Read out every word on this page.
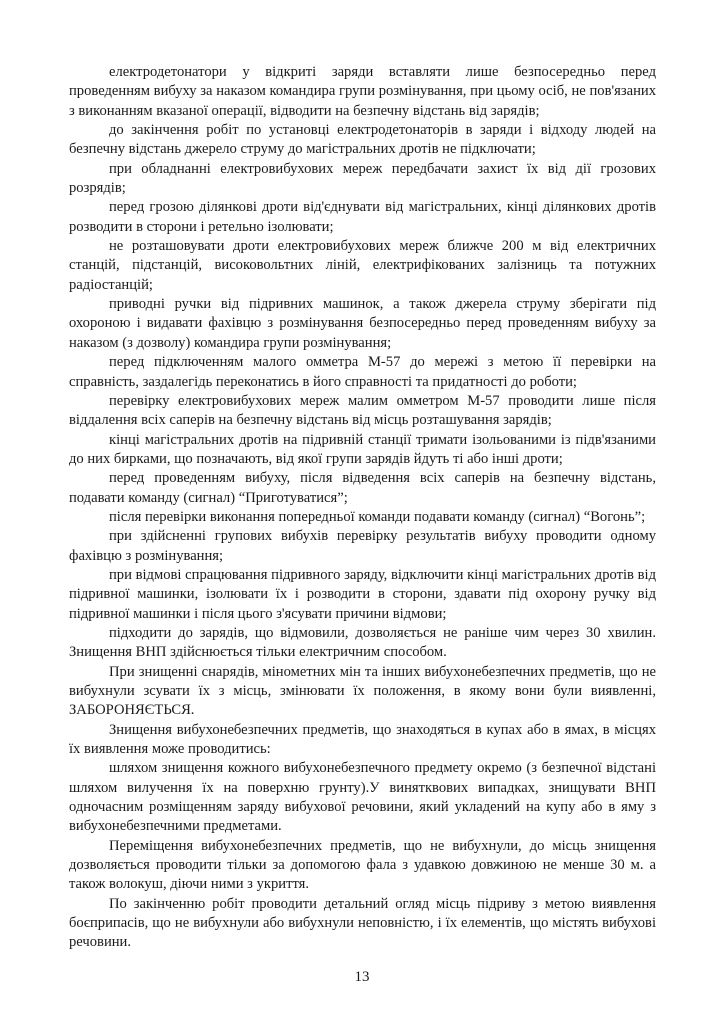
електродетонатори у відкриті заряди вставляти лише безпосередньо перед проведенням вибуху за наказом командира групи розмінування, при цьому осіб, не пов'язаних з виконанням вказаної операції, відводити на безпечну відстань від зарядів;

до закінчення робіт по установці електродетонаторів в заряди і відходу людей на безпечну відстань джерело струму до магістральних дротів не підключати;

при обладнанні електровибухових мереж передбачати захист їх від дії грозових розрядів;

перед грозою ділянкові дроти від'єднувати від магістральних, кінці ділянкових дротів розводити в сторони і ретельно ізолювати;

не розташовувати дроти електровибухових мереж ближче 200 м від електричних станцій, підстанцій, високовольтних ліній, електрифікованих залізниць та потужних радіостанцій;

приводні ручки від підривних машинок, а також джерела струму зберігати під охороною і видавати фахівцю з розмінування безпосередньо перед проведенням вибуху за наказом (з дозволу) командира групи розмінування;

перед підключенням малого омметра М-57 до мережі з метою її перевірки на справність, заздалегідь переконатись в його справності та придатності до роботи;

перевірку електровибухових мереж малим омметром М-57 проводити лише після віддалення всіх саперів на безпечну відстань від місць розташування зарядів;

кінці магістральних дротів на підривній станції тримати ізольованими із підв'язаними до них бирками, що позначають, від якої групи зарядів йдуть ті або інші дроти;

перед проведенням вибуху, після відведення всіх саперів на безпечну відстань, подавати команду (сигнал) “Приготуватися”;

після перевірки виконання попередньої команди подавати команду (сигнал) “Вогонь”;

при здійсненні групових вибухів перевірку результатів вибуху проводити одному фахівцю з розмінування;

при відмові спрацювання підривного заряду, відключити кінці магістральних дротів від підривної машинки, ізолювати їх і розводити в сторони, здавати під охорону ручку від підривної машинки і після цього з'ясувати причини відмови;

підходити до зарядів, що відмовили, дозволяється не раніше чим через 30 хвилин. Знищення ВНП здійснюється тільки електричним способом.

При знищенні снарядів, мінометних мін та інших вибухонебезпечних предметів, що не вибухнули зсувати їх з місць, змінювати їх положення, в якому вони були виявленні, ЗАБОРОНЯЄТЬСЯ.

Знищення вибухонебезпечних предметів, що знаходяться в купах або в ямах, в місцях їх виявлення може проводитись:

шляхом знищення кожного вибухонебезпечного предмету окремо (з безпечної відстані шляхом вилучення їх на поверхню грунту).У винятквових випадках, знищувати ВНП одночасним розміщенням заряду вибухової речовини, який укладений на купу або в яму з вибухонебезпечними предметами.

Переміщення вибухонебезпечних предметів, що не вибухнули, до місць знищення дозволяється проводити тільки за допомогою фала з удавкою довжиною не менше 30 м. а також волокуш, діючи ними з укриття.

По закінченню робіт проводити детальний огляд місць підриву з метою виявлення боєприпасів, що не вибухнули або вибухнули неповністю, і їх елементів, що містять вибухові речовини.

13
